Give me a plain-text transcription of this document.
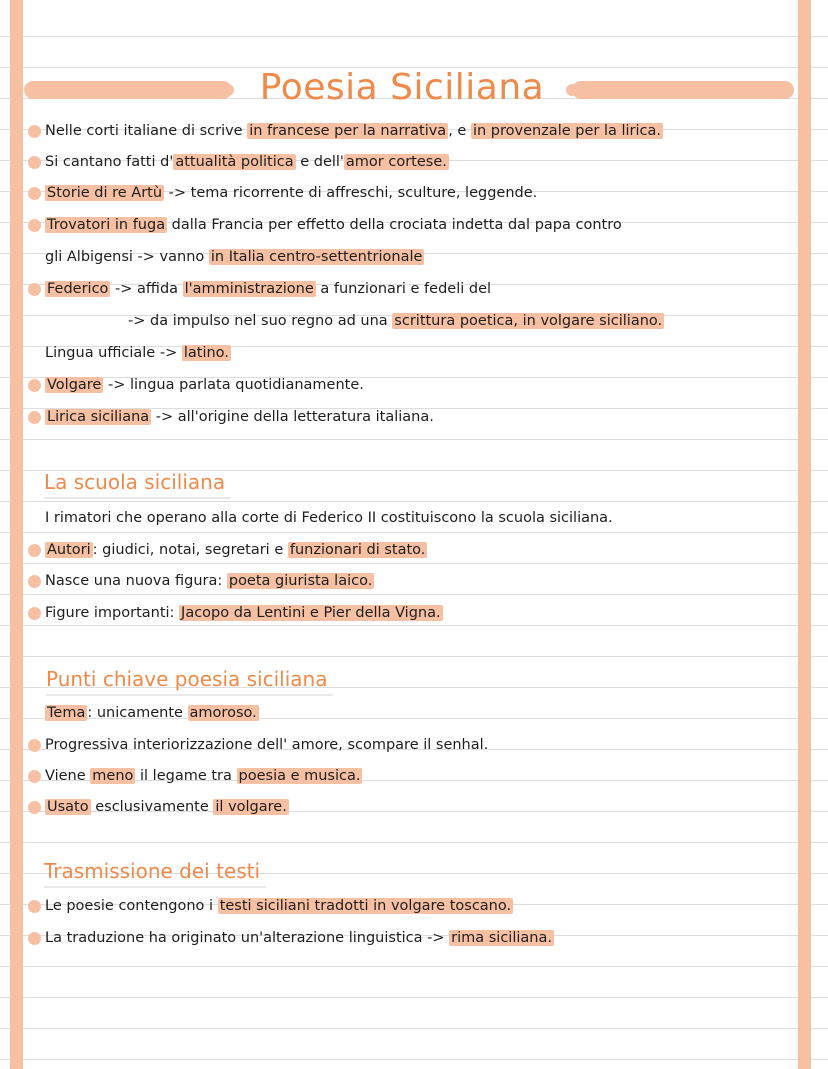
Poesia Siciliana

Nelle corti italiane di scrive in francese per la narrativa , e in provenzale per la lirica.

Si cantano fatti d' attualità politica e dell' amor cortese.

Storie di re Artù -> tema ricorrente di affreschi, sculture, leggende.

Trovatori in fuga dalla Francia per effetto della crociata indetta dal papa contro

gli Albigensi -> vanno in Italia centro-settentrionale

Federico -> affida l'amministrazione a funzionari e fedeli del

-> da impulso nel suo regno ad una scrittura poetica, in volgare siciliano.

Lingua ufficiale -> latino.

Volgare -> lingua parlata quotidianamente.

Lirica siciliana -> all'origine della letteratura italiana.

La scuola siciliana

I rimatori che operano alla corte di Federico II costituiscono la scuola siciliana.

Autori : giudici, notai, segretari e funzionari di stato.

Nasce una nuova figura: poeta giurista laico.

Figure importanti: Jacopo da Lentini e Pier della Vigna.

Punti chiave poesia siciliana

Tema : unicamente amoroso.

Progressiva interiorizzazione dell' amore, scompare il senhal.

Viene meno il legame tra poesia e musica.

Usato esclusivamente il volgare.

Trasmissione dei testi

Le poesie contengono i testi siciliani tradotti in volgare toscano.

La traduzione ha originato un'alterazione linguistica -> rima siciliana.
